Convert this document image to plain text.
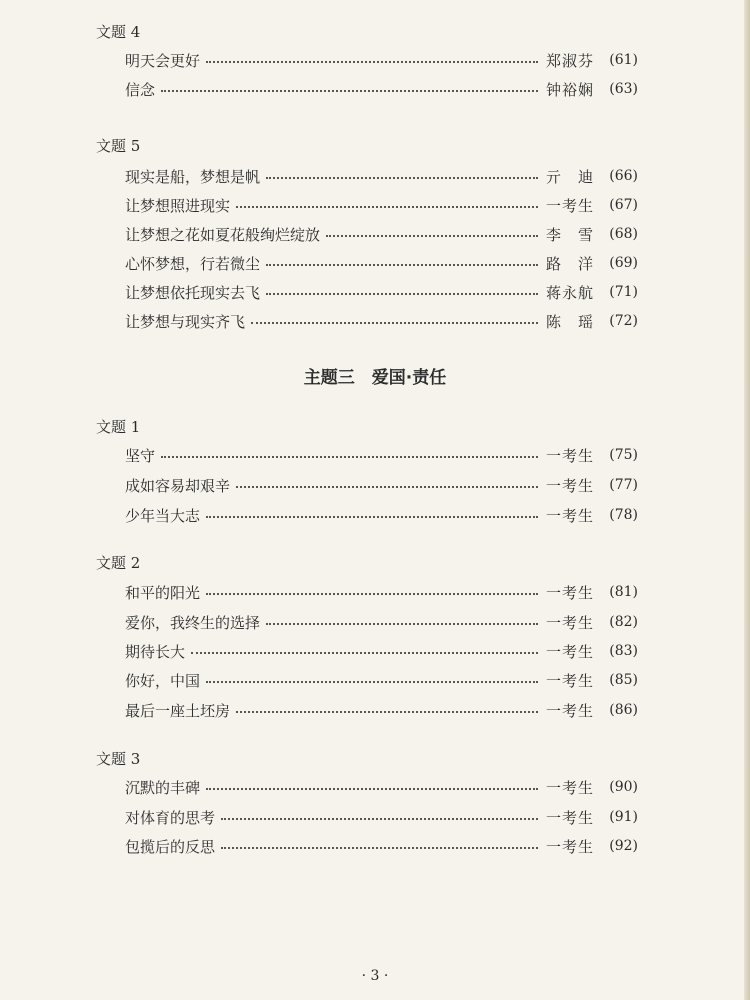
文题 4
明天会更好	郑淑芬	(61)
信念	钟裕娴	(63)
文题 5
现实是船，梦想是帆	亓　迪	(66)
让梦想照进现实	一考生	(67)
让梦想之花如夏花般绚烂绽放	李　雪	(68)
心怀梦想，行若微尘	路　洋	(69)
让梦想依托现实去飞	蒋永航	(71)
让梦想与现实齐飞	陈　瑶	(72)
主题三　爱国·责任
文题 1
坚守	一考生	(75)
成如容易却艰辛	一考生	(77)
少年当大志	一考生	(78)
文题 2
和平的阳光	一考生	(81)
爱你，我终生的选择	一考生	(82)
期待长大	一考生	(83)
你好，中国	一考生	(85)
最后一座土坯房	一考生	(86)
文题 3
沉默的丰碑	一考生	(90)
对体育的思考	一考生	(91)
包揽后的反思	一考生	(92)
· 3 ·
